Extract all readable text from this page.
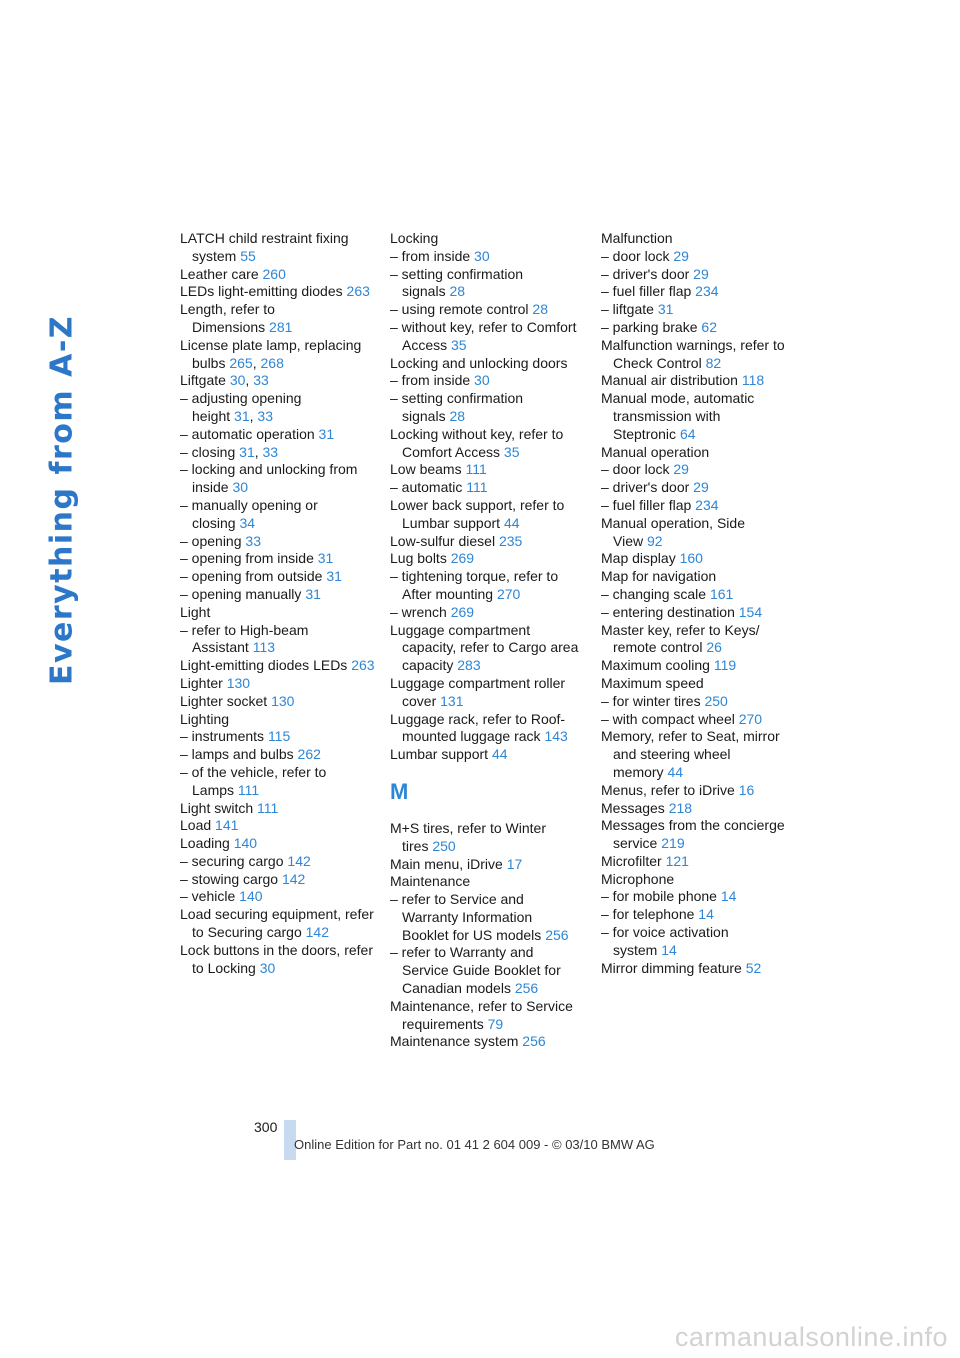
Everything from A-Z

LATCH child restraint fixing system 55

Leather care 260

LEDs light-emitting diodes 263

Length, refer to Dimensions 281

License plate lamp, replacing bulbs 265, 268

Liftgate 30, 33

– adjusting opening height 31, 33

– automatic operation 31

– closing 31, 33

– locking and unlocking from inside 30

– manually opening or closing 34

– opening 33

– opening from inside 31

– opening from outside 31

– opening manually 31

Light

– refer to High-beam Assistant 113

Light-emitting diodes LEDs 263

Lighter 130

Lighter socket 130

Lighting

– instruments 115

– lamps and bulbs 262

– of the vehicle, refer to Lamps 111

Light switch 111

Load 141

Loading 140

– securing cargo 142

– stowing cargo 142

– vehicle 140

Load securing equipment, refer to Securing cargo 142

Lock buttons in the doors, refer to Locking 30

Locking

– from inside 30

– setting confirmation signals 28

– using remote control 28

– without key, refer to Comfort Access 35

Locking and unlocking doors

– from inside 30

– setting confirmation signals 28

Locking without key, refer to Comfort Access 35

Low beams 111

– automatic 111

Lower back support, refer to Lumbar support 44

Low-sulfur diesel 235

Lug bolts 269

– tightening torque, refer to After mounting 270

– wrench 269

Luggage compartment capacity, refer to Cargo area capacity 283

Luggage compartment roller cover 131

Luggage rack, refer to Roof-mounted luggage rack 143

Lumbar support 44

M

M+S tires, refer to Winter tires 250

Main menu, iDrive 17

Maintenance

– refer to Service and Warranty Information Booklet for US models 256

– refer to Warranty and Service Guide Booklet for Canadian models 256

Maintenance, refer to Service requirements 79

Maintenance system 256

Malfunction

– door lock 29

– driver's door 29

– fuel filler flap 234

– liftgate 31

– parking brake 62

Malfunction warnings, refer to Check Control 82

Manual air distribution 118

Manual mode, automatic transmission with Steptronic 64

Manual operation

– door lock 29

– driver's door 29

– fuel filler flap 234

Manual operation, Side View 92

Map display 160

Map for navigation

– changing scale 161

– entering destination 154

Master key, refer to Keys/ remote control 26

Maximum cooling 119

Maximum speed

– for winter tires 250

– with compact wheel 270

Memory, refer to Seat, mirror and steering wheel memory 44

Menus, refer to iDrive 16

Messages 218

Messages from the concierge service 219

Microfilter 121

Microphone

– for mobile phone 14

– for telephone 14

– for voice activation system 14

Mirror dimming feature 52

300
Online Edition for Part no. 01 41 2 604 009 - © 03/10 BMW AG
carmanualsonline.info
